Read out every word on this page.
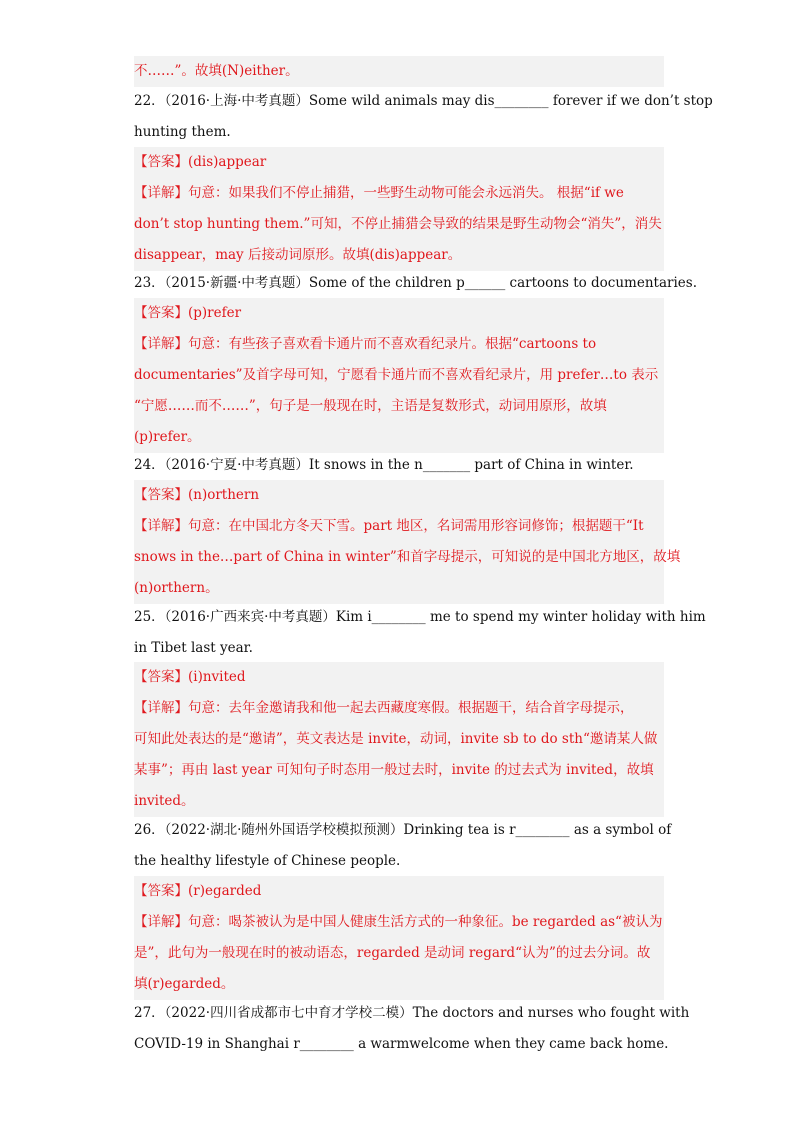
不……”。故填(N)either。
22．（2016·上海·中考真题）Some wild animals may dis________ forever if we don’t stop
hunting them.
【答案】(dis)appear
【详解】句意：如果我们不停止捕猎，一些野生动物可能会永远消失。 根据“if we
don’t stop hunting them.”可知，不停止捕猎会导致的结果是野生动物会“消失”，消失
disappear，may 后接动词原形。故填(dis)appear。
23．（2015·新疆·中考真题）Some of the children p______ cartoons to documentaries.
【答案】(p)refer
【详解】句意：有些孩子喜欢看卡通片而不喜欢看纪录片。根据“cartoons to
documentaries”及首字母可知，宁愿看卡通片而不喜欢看纪录片，用 prefer…to 表示
“宁愿……而不……”，句子是一般现在时，主语是复数形式，动词用原形，故填
(p)refer。
24．（2016·宁夏·中考真题）It snows in the n_______ part of China in winter.
【答案】(n)orthern
【详解】句意：在中国北方冬天下雪。part 地区，名词需用形容词修饰；根据题干“It
snows in the…part of China in winter”和首字母提示，可知说的是中国北方地区，故填
(n)orthern。
25．（2016·广西来宾·中考真题）Kim i________ me to spend my winter holiday with him
in Tibet last year.
【答案】(i)nvited
【详解】句意：去年金邀请我和他一起去西藏度寒假。根据题干，结合首字母提示，
可知此处表达的是“邀请”，英文表达是 invite，动词，invite sb to do sth“邀请某人做
某事”；再由 last year 可知句子时态用一般过去时，invite 的过去式为 invited，故填
invited。
26．（2022·湖北·随州外国语学校模拟预测）Drinking tea is r________ as a symbol of
the healthy lifestyle of Chinese people.
【答案】(r)egarded
【详解】句意：喝茶被认为是中国人健康生活方式的一种象征。be regarded as“被认为
是”，此句为一般现在时的被动语态，regarded 是动词 regard“认为”的过去分词。故
填(r)egarded。
27．（2022·四川省成都市七中育才学校二模）The doctors and nurses who fought with
COVID-19 in Shanghai r________ a warmwelcome when they came back home.
